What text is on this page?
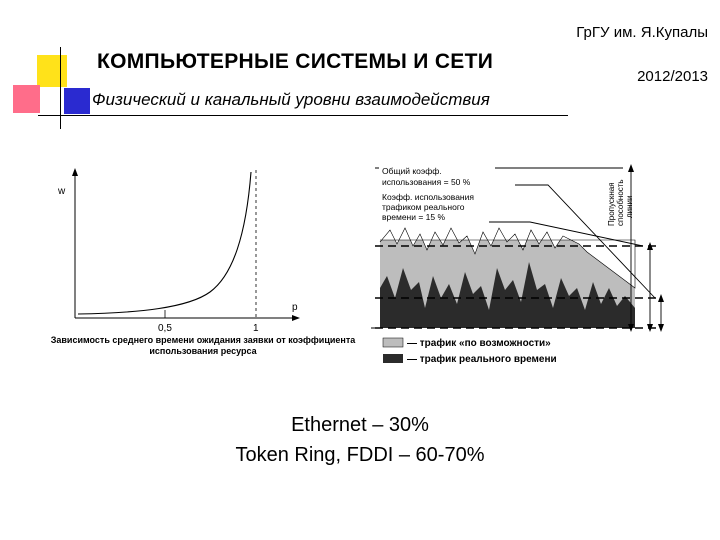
ГрГУ им. Я.Купалы
2012/2013
КОМПЬЮТЕРНЫЕ СИСТЕМЫ И СЕТИ
Физический и канальный уровни взаимодействия
w
p
0,5	1
Зависимость среднего времени ожидания заявки от коэффициента
использования ресурса
Общий коэфф.
использования = 50 %
Коэфф. использования
трафиком реального
времени = 15 %	Пропускная способность линии
— трафик «по возможности»
— трафик реального времени
Ethernet – 30%
Token Ring, FDDI – 60-70%
